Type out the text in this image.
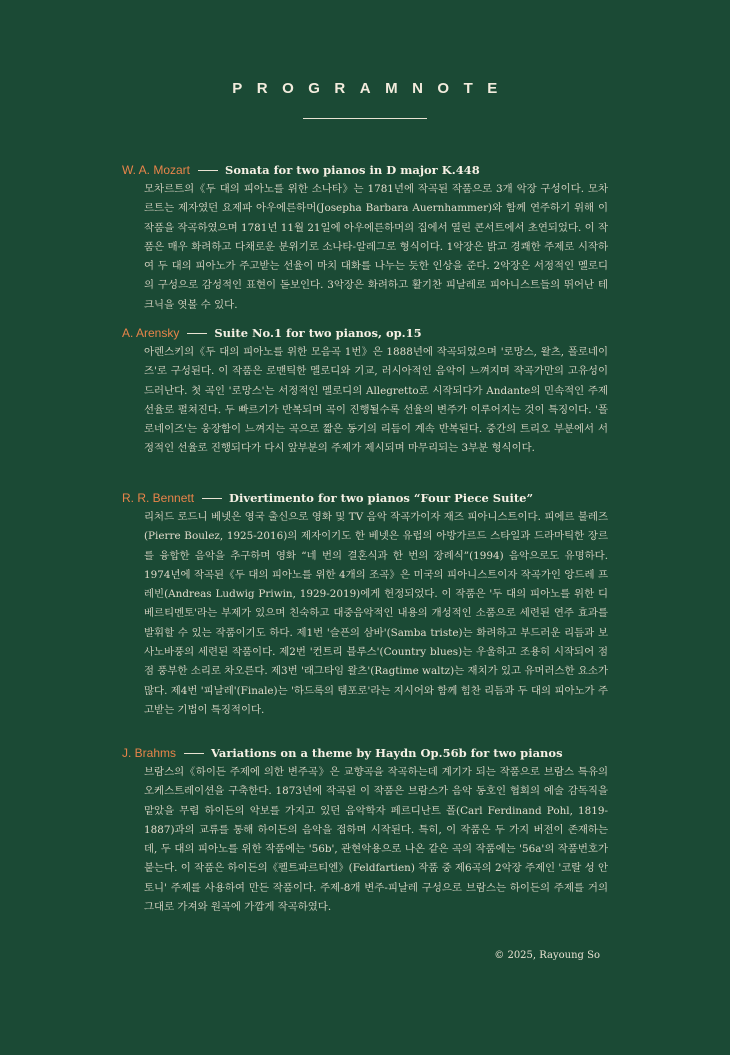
PROGRAMNOTE
W. A. Mozart	Sonata for two pianos in D major K.448
모차르트의《두 대의 피아노를 위한 소나타》는 1781년에 작곡된 작품으로 3개 악장 구성이다. 모차르트는 제자였던 요제파 아우에른하머(Josepha Barbara Auernhammer)와 함께 연주하기 위해 이 작품을 작곡하였으며 1781년 11월 21일에 아우에른하머의 집에서 열린 콘서트에서 초연되었다. 이 작품은 매우 화려하고 다채로운 분위기로 소나타-알레그로 형식이다. 1악장은 밝고 경쾌한 주제로 시작하여 두 대의 피아노가 주고받는 선율이 마치 대화를 나누는 듯한 인상을 준다. 2악장은 서정적인 멜로디의 구성으로 감성적인 표현이 돋보인다. 3악장은 화려하고 활기찬 피날레로 피아니스트들의 뛰어난 테크닉을 엿볼 수 있다.
A. Arensky	Suite No.1 for two pianos, op.15
아렌스키의《두 대의 피아노를 위한 모음곡 1번》은 1888년에 작곡되었으며 '로망스, 왈츠, 폴로네이즈'로 구성된다. 이 작품은 로맨틱한 멜로디와 기교, 러시아적인 음악이 느껴지며 작곡가만의 고유성이 드러난다. 첫 곡인 '로망스'는 서정적인 멜로디의 Allegretto로 시작되다가 Andante의 민속적인 주제 선율로 펼쳐진다. 두 빠르기가 반복되며 곡이 진행될수록 선율의 변주가 이루어지는 것이 특징이다. '폴로네이즈'는 웅장함이 느껴지는 곡으로 짧은 동기의 리듬이 계속 반복된다. 중간의 트리오 부분에서 서정적인 선율로 진행되다가 다시 앞부분의 주제가 제시되며 마무리되는 3부분 형식이다.
R. R. Bennett	Divertimento for two pianos “Four Piece Suite”
리처드 로드니 베넷은 영국 출신으로 영화 및 TV 음악 작곡가이자 재즈 피아니스트이다. 피에르 불레즈(Pierre Boulez, 1925-2016)의 제자이기도 한 베넷은 유럽의 아방가르드 스타일과 드라마틱한 장르를 융합한 음악을 추구하며 영화 “네 번의 결혼식과 한 번의 장례식”(1994) 음악으로도 유명하다. 1974년에 작곡된《두 대의 피아노를 위한 4개의 조곡》은 미국의 피아니스트이자 작곡가인 앙드레 프레빈(Andreas Ludwig Priwin, 1929-2019)에게 헌정되었다. 이 작품은 '두 대의 피아노를 위한 디베르티멘토'라는 부제가 있으며 친숙하고 대중음악적인 내용의 개성적인 소품으로 세련된 연주 효과를 발휘할 수 있는 작품이기도 하다. 제1번 '슬픈의 삼바'(Samba triste)는 화려하고 부드러운 리듬과 보사노바풍의 세련된 작품이다. 제2번 '컨트리 블루스'(Country blues)는 우울하고 조용히 시작되어 점점 풍부한 소리로 차오른다. 제3번 '래그타임 왈츠'(Ragtime waltz)는 재치가 있고 유머러스한 요소가 많다. 제4번 '피날레'(Finale)는 '하드록의 템포로'라는 지시어와 함께 힘찬 리듬과 두 대의 피아노가 주고받는 기법이 특징적이다.
J. Brahms	Variations on a theme by Haydn Op.56b for two pianos
브람스의《하이든 주제에 의한 변주곡》은 교향곡을 작곡하는데 계기가 되는 작품으로 브람스 특유의 오케스트레이션을 구축한다. 1873년에 작곡된 이 작품은 브람스가 음악 동호인 협회의 예술 감독직을 맡았을 무렵 하이든의 악보를 가지고 있던 음악학자 페르디난트 폴(Carl Ferdinand Pohl, 1819-1887)과의 교류를 통해 하이든의 음악을 접하며 시작된다. 특히, 이 작품은 두 가지 버전이 존재하는데, 두 대의 피아노를 위한 작품에는 '56b', 관현악용으로 나온 같은 곡의 작품에는 '56a'의 작품번호가 붙는다. 이 작품은 하이든의《펠트파르티엔》(Feldfartien) 작품 중 제6곡의 2악장 주제인 '코랄 성 안토니' 주제를 사용하여 만든 작품이다. 주제-8개 변주-피날레 구성으로 브람스는 하이든의 주제를 거의 그대로 가져와 원곡에 가깝게 작곡하였다.
© 2025, Rayoung So
